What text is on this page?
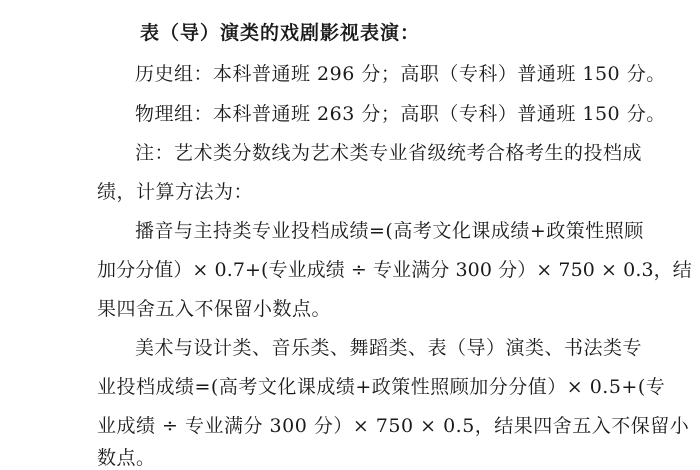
表（导）演类的戏剧影视表演：
历史组：本科普通班 296 分；高职（专科）普通班 150 分。
物理组：本科普通班 263 分；高职（专科）普通班 150 分。
注：艺术类分数线为艺术类专业省级统考合格考生的投档成
绩，计算方法为：
播音与主持类专业投档成绩=(高考文化课成绩+政策性照顾
加分分值）× 0.7+(专业成绩 ÷ 专业满分 300 分）× 750 × 0.3，结
果四舍五入不保留小数点。
美术与设计类、音乐类、舞蹈类、表（导）演类、书法类专
业投档成绩=(高考文化课成绩+政策性照顾加分分值）× 0.5+(专
业成绩 ÷ 专业满分 300 分）× 750 × 0.5，结果四舍五入不保留小
数点。
